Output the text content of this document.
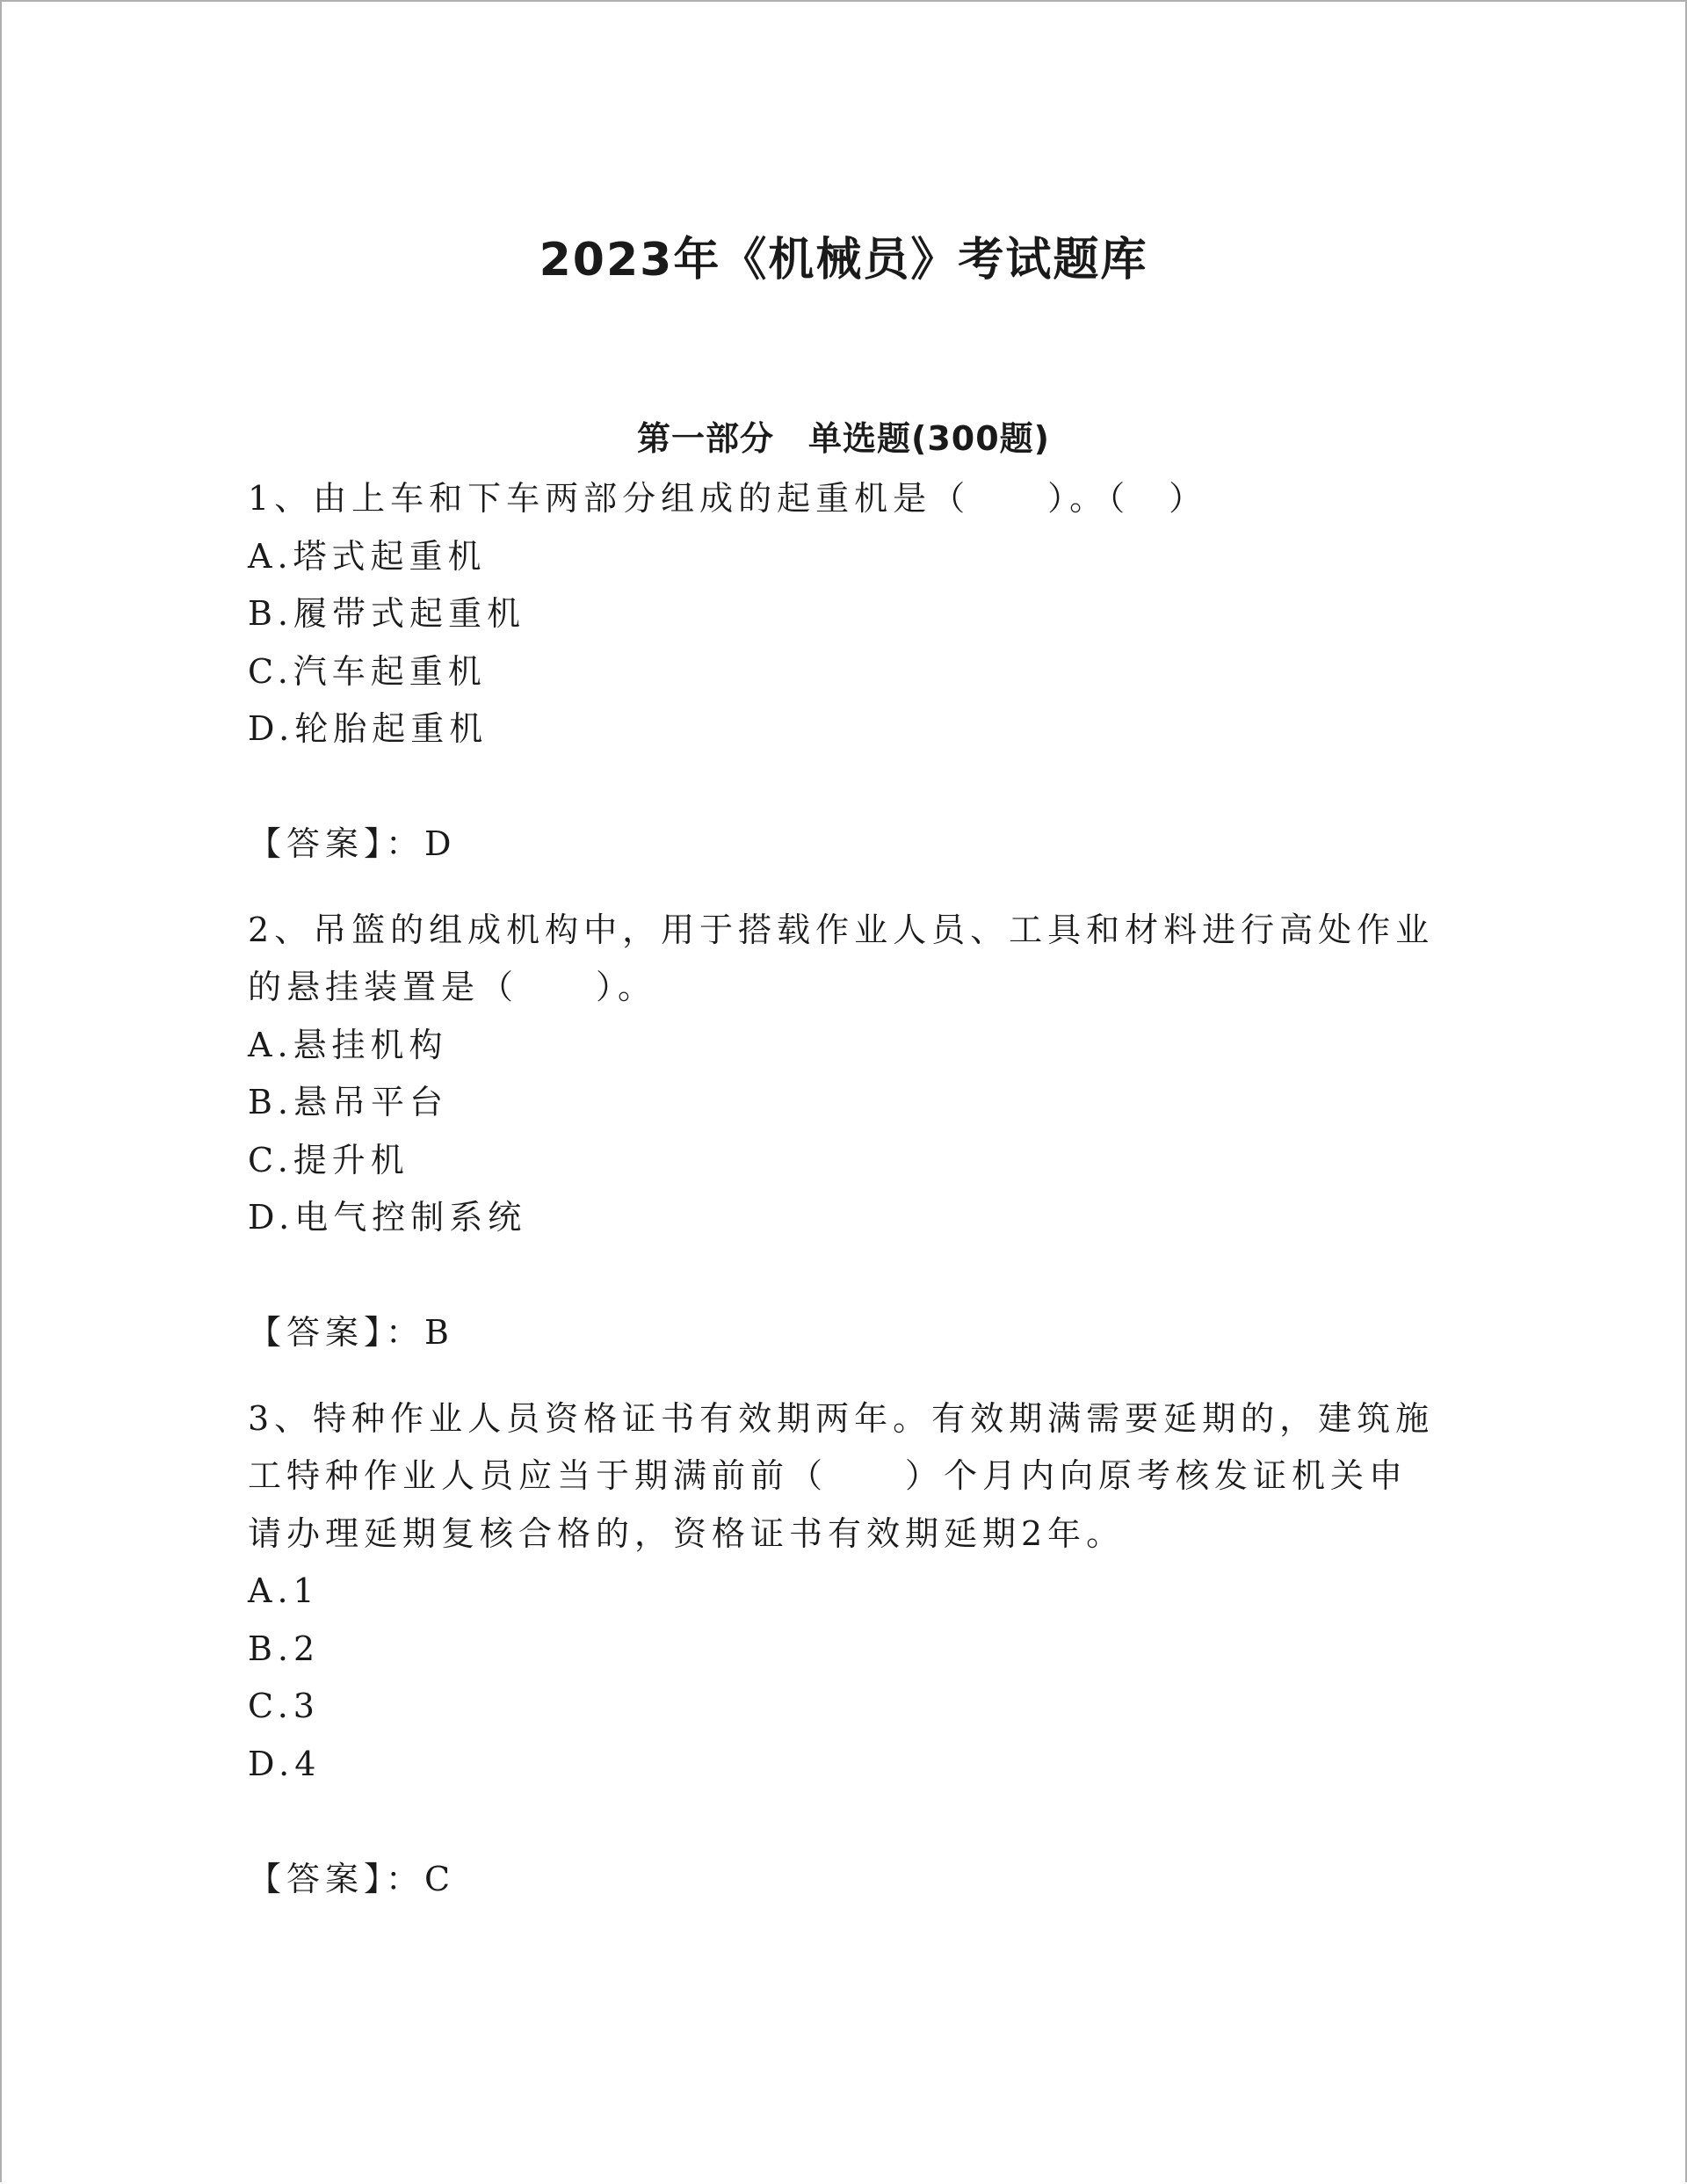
2023年《机械员》考试题库
第一部分　单选题(300题)

1、由上车和下车两部分组成的起重机是（　　）。（　）

A.塔式起重机

B.履带式起重机

C.汽车起重机

D.轮胎起重机

【答案】：D

2、吊篮的组成机构中，用于搭载作业人员、工具和材料进行高处作业的悬挂装置是（　　）。

A.悬挂机构

B.悬吊平台

C.提升机

D.电气控制系统

【答案】：B

3、特种作业人员资格证书有效期两年。有效期满需要延期的，建筑施工特种作业人员应当于期满前前（　　）个月内向原考核发证机关申请办理延期复核合格的，资格证书有效期延期2年。

A.1

B.2

C.3

D.4

【答案】：C
